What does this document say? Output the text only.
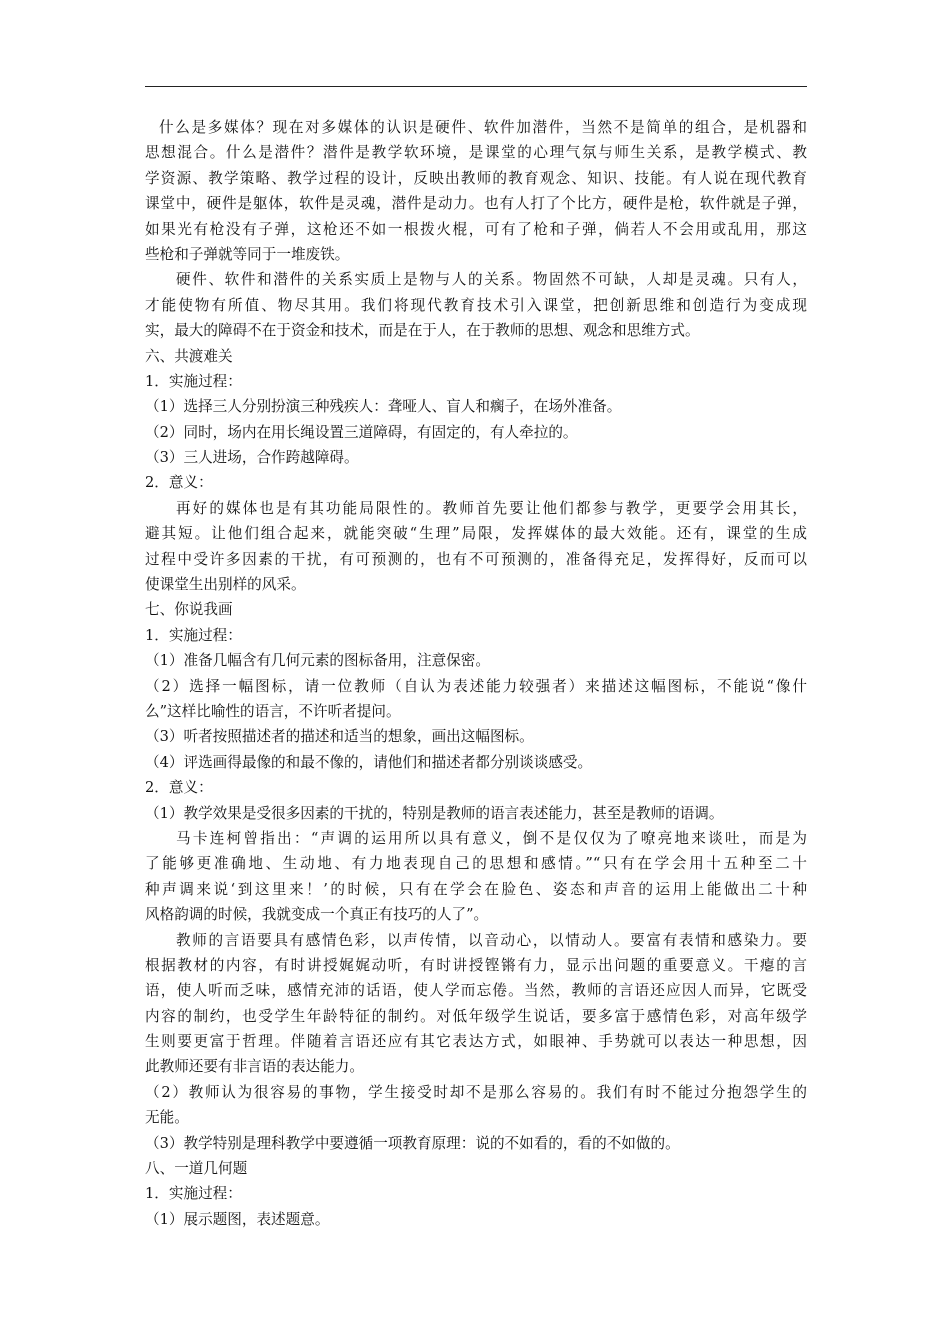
什么是多媒体？现在对多媒体的认识是硬件、软件加潜件，当然不是简单的组合，是机器和
思想混合。什么是潜件？潜件是教学软环境，是课堂的心理气氛与师生关系，是教学模式、教
学资源、教学策略、教学过程的设计，反映出教师的教育观念、知识、技能。有人说在现代教育
课堂中，硬件是躯体，软件是灵魂，潜件是动力。也有人打了个比方，硬件是枪，软件就是子弹，
如果光有枪没有子弹，这枪还不如一根拨火棍，可有了枪和子弹，倘若人不会用或乱用，那这
些枪和子弹就等同于一堆废铁。
硬件、软件和潜件的关系实质上是物与人的关系。物固然不可缺，人却是灵魂。只有人，
才能使物有所值、物尽其用。我们将现代教育技术引入课堂，把创新思维和创造行为变成现
实，最大的障碍不在于资金和技术，而是在于人，在于教师的思想、观念和思维方式。
六、共渡难关
1．实施过程：
（1）选择三人分别扮演三种残疾人：聋哑人、盲人和瘸子，在场外准备。
（2）同时，场内在用长绳设置三道障碍，有固定的，有人牵拉的。
（3）三人进场，合作跨越障碍。
2．意义：
再好的媒体也是有其功能局限性的。教师首先要让他们都参与教学，更要学会用其长，
避其短。让他们组合起来，就能突破“生理”局限，发挥媒体的最大效能。还有，课堂的生成
过程中受许多因素的干扰，有可预测的，也有不可预测的，准备得充足，发挥得好，反而可以
使课堂生出别样的风采。
七、你说我画
1．实施过程：
（1）准备几幅含有几何元素的图标备用，注意保密。
（2）选择一幅图标，请一位教师（自认为表述能力较强者）来描述这幅图标，不能说“像什
么”这样比喻性的语言，不许听者提问。
（3）听者按照描述者的描述和适当的想象，画出这幅图标。
（4）评选画得最像的和最不像的，请他们和描述者都分别谈谈感受。
2．意义：
（1）教学效果是受很多因素的干扰的，特别是教师的语言表述能力，甚至是教师的语调。
马卡连柯曾指出：“声调的运用所以具有意义，倒不是仅仅为了嘹亮地来谈吐，而是为
了能够更准确地、生动地、有力地表现自己的思想和感情。”“只有在学会用十五种至二十
种声调来说‘到这里来！’的时候，只有在学会在脸色、姿态和声音的运用上能做出二十种
风格韵调的时候，我就变成一个真正有技巧的人了”。
教师的言语要具有感情色彩，以声传情，以音动心，以情动人。要富有表情和感染力。要
根据教材的内容，有时讲授娓娓动听，有时讲授铿锵有力，显示出问题的重要意义。干瘪的言
语，使人听而乏味，感情充沛的话语，使人学而忘倦。当然，教师的言语还应因人而异，它既受
内容的制约，也受学生年龄特征的制约。对低年级学生说话，要多富于感情色彩，对高年级学
生则要更富于哲理。伴随着言语还应有其它表达方式，如眼神、手势就可以表达一种思想，因
此教师还要有非言语的表达能力。
（2）教师认为很容易的事物，学生接受时却不是那么容易的。我们有时不能过分抱怨学生的
无能。
（3）教学特别是理科教学中要遵循一项教育原理：说的不如看的，看的不如做的。
八、一道几何题
1．实施过程：
（1）展示题图，表述题意。
